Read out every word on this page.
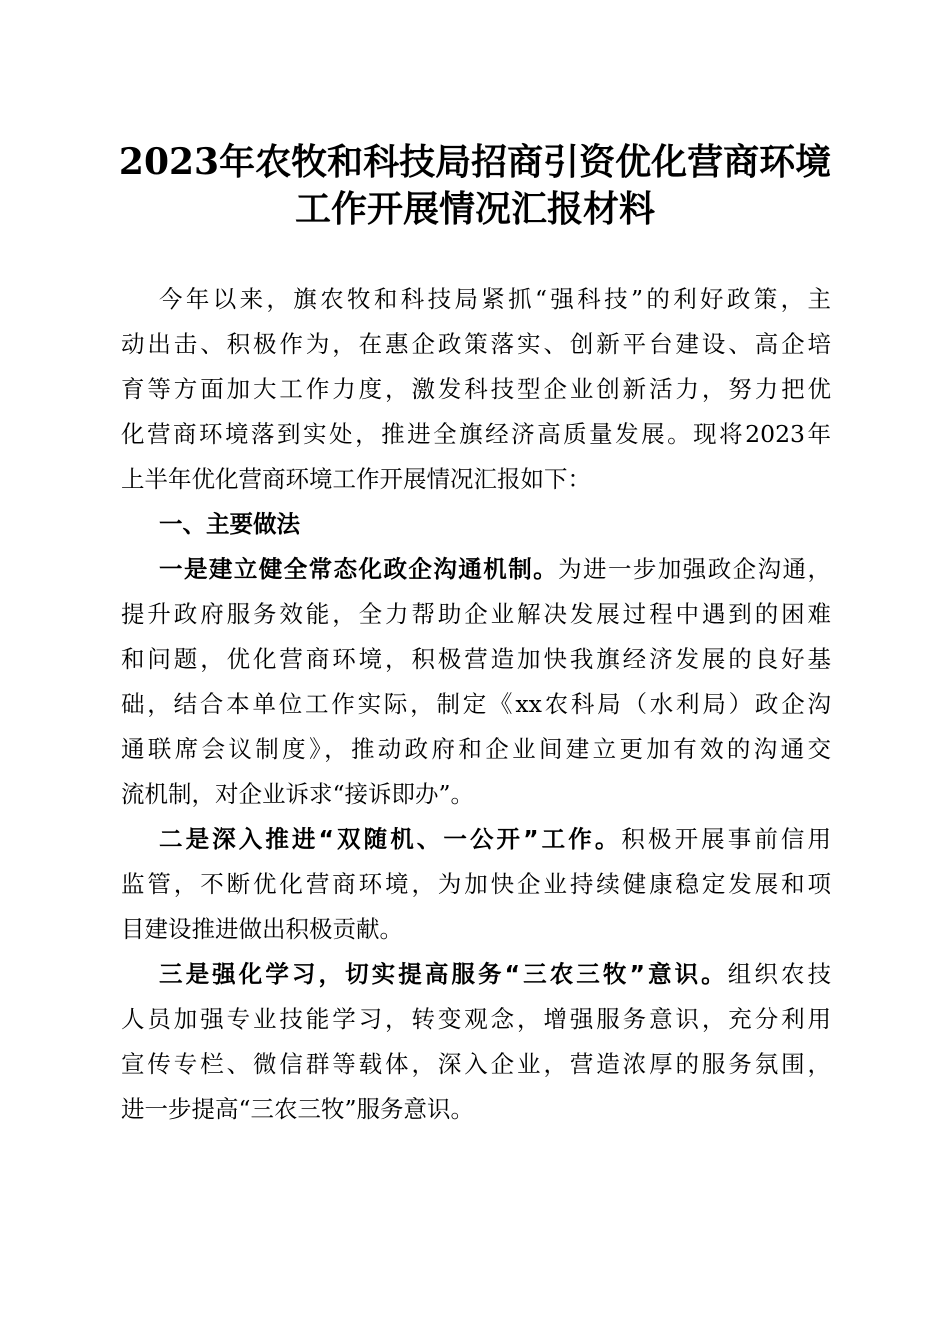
2023年农牧和科技局招商引资优化营商环境
工作开展情况汇报材料

今年以来，旗农牧和科技局紧抓“强科技”的利好政策，主

动出击、积极作为，在惠企政策落实、创新平台建设、高企培

育等方面加大工作力度，激发科技型企业创新活力，努力把优

化营商环境落到实处，推进全旗经济高质量发展。现将2023年

上半年优化营商环境工作开展情况汇报如下：

一、主要做法

一是建立健全常态化政企沟通机制。为进一步加强政企沟通，

提升政府服务效能，全力帮助企业解决发展过程中遇到的困难

和问题，优化营商环境，积极营造加快我旗经济发展的良好基

础，结合本单位工作实际，制定《xx农科局（水利局）政企沟

通联席会议制度》，推动政府和企业间建立更加有效的沟通交

流机制，对企业诉求“接诉即办”。

二是深入推进“双随机、一公开”工作。积极开展事前信用

监管，不断优化营商环境，为加快企业持续健康稳定发展和项

目建设推进做出积极贡献。

三是强化学习，切实提高服务“三农三牧”意识。组织农技

人员加强专业技能学习，转变观念，增强服务意识，充分利用

宣传专栏、微信群等载体，深入企业，营造浓厚的服务氛围，

进一步提高“三农三牧”服务意识。
